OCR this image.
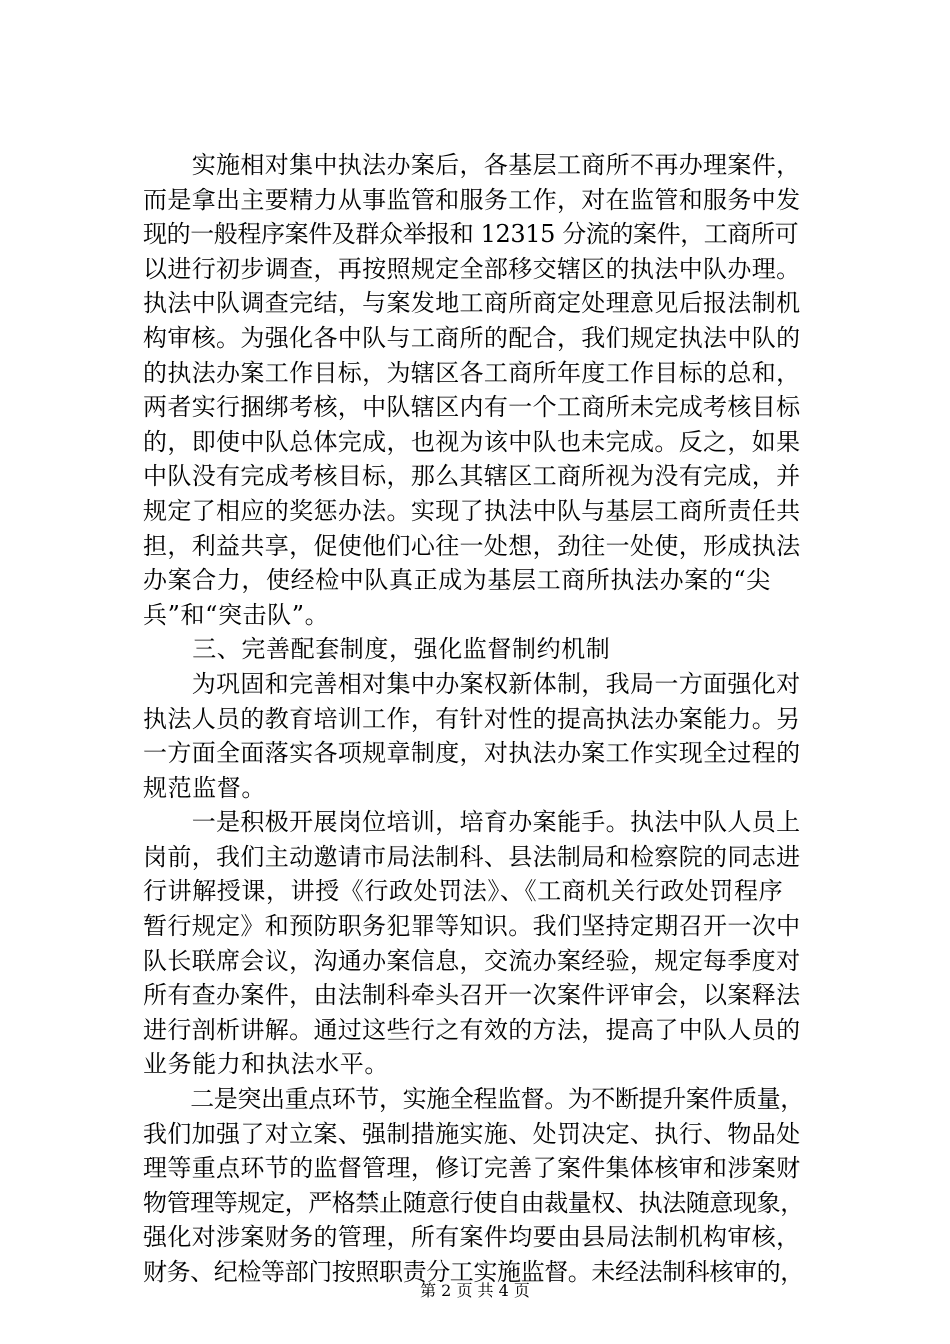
　　实施相对集中执法办案后，各基层工商所不再办理案件，

而是拿出主要精力从事监管和服务工作，对在监管和服务中发

现的一般程序案件及群众举报和 12315 分流的案件，工商所可

以进行初步调查，再按照规定全部移交辖区的执法中队办理。

执法中队调查完结，与案发地工商所商定处理意见后报法制机

构审核。为强化各中队与工商所的配合，我们规定执法中队的

的执法办案工作目标，为辖区各工商所年度工作目标的总和，

两者实行捆绑考核，中队辖区内有一个工商所未完成考核目标

的，即使中队总体完成，也视为该中队也未完成。反之，如果

中队没有完成考核目标，那么其辖区工商所视为没有完成，并

规定了相应的奖惩办法。实现了执法中队与基层工商所责任共

担，利益共享，促使他们心往一处想，劲往一处使，形成执法

办案合力，使经检中队真正成为基层工商所执法办案的“尖

兵”和“突击队”。

　　三、完善配套制度，强化监督制约机制

　　为巩固和完善相对集中办案权新体制，我局一方面强化对

执法人员的教育培训工作，有针对性的提高执法办案能力。另

一方面全面落实各项规章制度，对执法办案工作实现全过程的

规范监督。

　　一是积极开展岗位培训，培育办案能手。执法中队人员上

岗前，我们主动邀请市局法制科、县法制局和检察院的同志进

行讲解授课，讲授《行政处罚法》、《工商机关行政处罚程序

暂行规定》和预防职务犯罪等知识。我们坚持定期召开一次中

队长联席会议，沟通办案信息，交流办案经验，规定每季度对

所有查办案件，由法制科牵头召开一次案件评审会，以案释法

进行剖析讲解。通过这些行之有效的方法，提高了中队人员的

业务能力和执法水平。

　　二是突出重点环节，实施全程监督。为不断提升案件质量，

我们加强了对立案、强制措施实施、处罚决定、执行、物品处

理等重点环节的监督管理，修订完善了案件集体核审和涉案财

物管理等规定，严格禁止随意行使自由裁量权、执法随意现象，

强化对涉案财务的管理，所有案件均要由县局法制机构审核，

财务、纪检等部门按照职责分工实施监督。未经法制科核审的，

第 2 页 共 4 页
